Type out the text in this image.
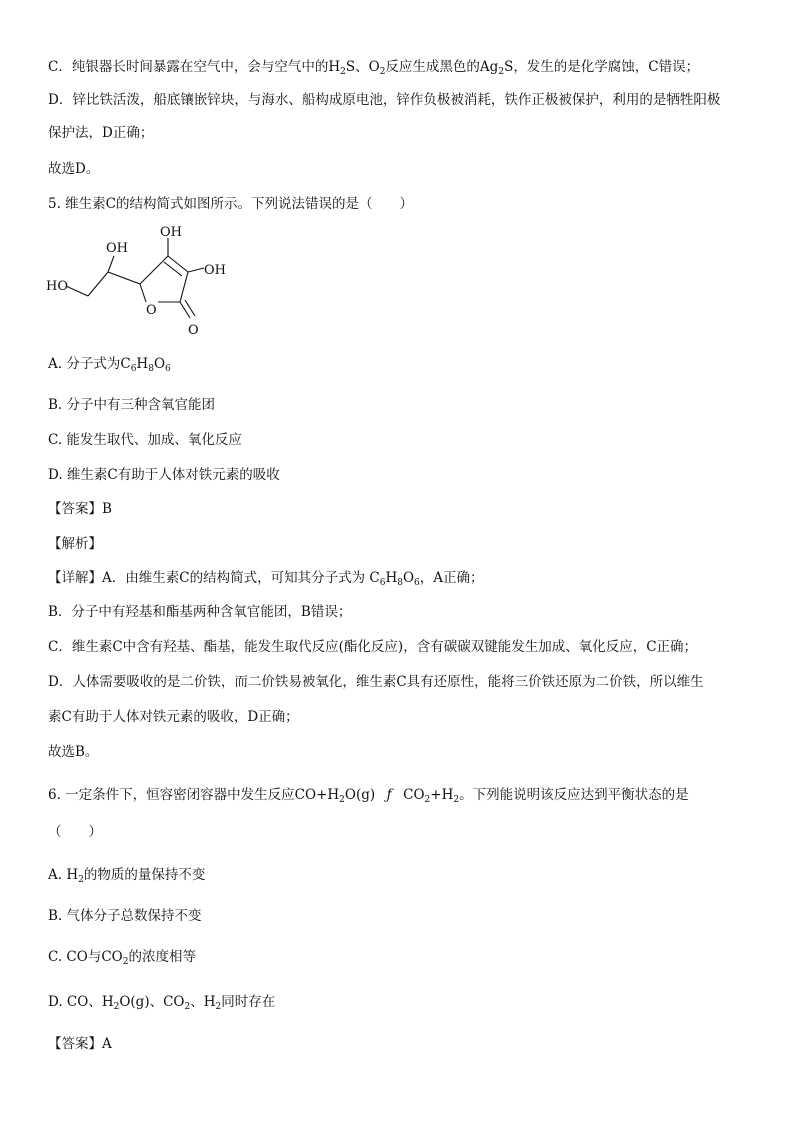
C．纯银器长时间暴露在空气中，会与空气中的$H_2S$、$O_2$反应生成黑色的$Ag_2S$，发生的是化学腐蚀，C错误；
D．锌比铁活泼，船底镶嵌锌块，与海水、船构成原电池，锌作负极被消耗，铁作正极被保护，利用的是牺牲阳极
保护法，D正确；
故选D。
5. 维生素C的结构简式如图所示。下列说法错误的是（　　）
OH
OH
OH
HO
O
O
A. 分子式为$C_6H_8O_6$
B. 分子中有三种含氧官能团
C. 能发生取代、加成、氧化反应
D. 维生素C有助于人体对铁元素的吸收
【答案】B
【解析】
【详解】A．由维生素C的结构简式，可知其分子式为 $C_6H_8O_6$，A正确；
B．分子中有羟基和酯基两种含氧官能团，B错误；
C．维生素C中含有羟基、酯基，能发生取代反应(酯化反应)，含有碳碳双键能发生加成、氧化反应，C正确；
D．人体需要吸收的是二价铁，而二价铁易被氧化，维生素C具有还原性，能将三价铁还原为二价铁，所以维生
素C有助于人体对铁元素的吸收，D正确；
故选B。
6. 一定条件下，恒容密闭容器中发生反应$CO+H_2O(g)$ ƒ $CO_2+H_2$。下列能说明该反应达到平衡状态的是
（　　）
A. $H_2$的物质的量保持不变
B. 气体分子总数保持不变
C. CO与$CO_2$的浓度相等
D. CO、$H_2O(g)$、$CO_2$、$H_2$同时存在
【答案】A
